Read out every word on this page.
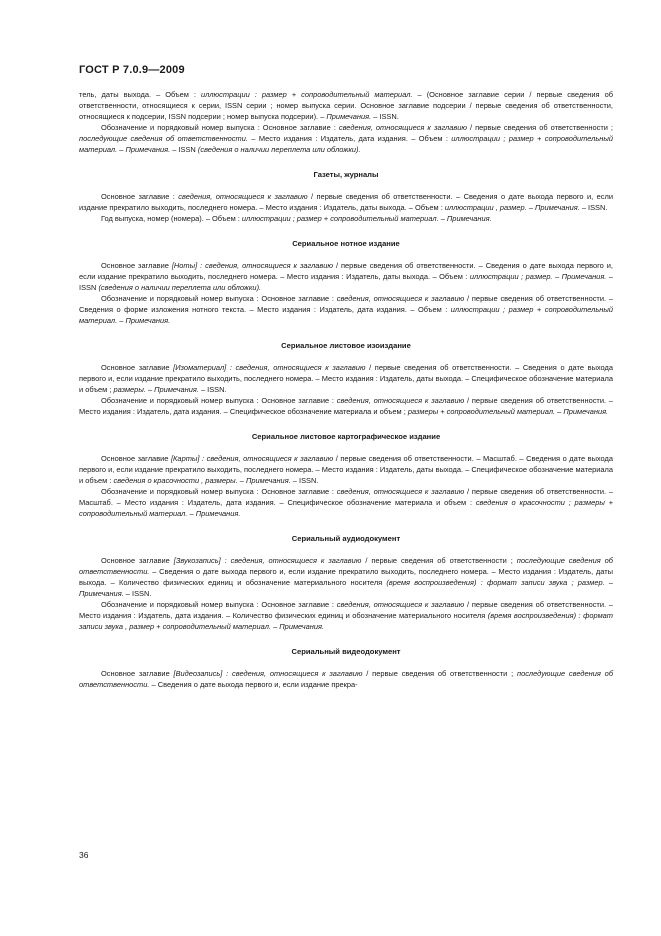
ГОСТ Р 7.0.9—2009

тель, даты выхода. – Объем : иллюстрации : размер + сопроводительный материал. – (Основное заглавие серии / первые сведения об ответственности, относящиеся к серии, ISSN серии ; номер выпуска серии. Основное заглавие подсерии / первые сведения об ответственности, относящиеся к подсерии, ISSN подсерии ; номер выпуска подсерии). – Примечания. – ISSN.

Обозначение и порядковый номер выпуска : Основное заглавие : сведения, относящиеся к заглавию / первые сведения об ответственности ; последующие сведения об ответственности. – Место издания : Издатель, дата издания. – Объем : иллюстрации ; размер + сопроводительный материал. – Примечания. – ISSN (сведения о наличии переплета или обложки).

Газеты, журналы

Основное заглавие : сведения, относящиеся к заглавию / первые сведения об ответственности. – Сведения о дате выхода первого и, если издание прекратило выходить, последнего номера. – Место издания : Издатель, даты выхода. – Объем : иллюстрации , размер. – Примечания. – ISSN.

Год выпуска, номер (номера). – Объем : иллюстрации ; размер + сопроводительный материал. – Примечания.

Сериальное нотное издание

Основное заглавие [Ноты] : сведения, относящиеся к заглавию / первые сведения об ответственности. – Сведения о дате выхода первого и, если издание прекратило выходить, последнего номера. – Место издания : Издатель, даты выхода. – Объем : иллюстрации ; размер. – Примечания. – ISSN (сведения о наличии переплета или обложки).

Обозначение и порядковый номер выпуска : Основное заглавие : сведения, относящиеся к заглавию / первые сведения об ответственности. – Сведения о форме изложения нотного текста. – Место издания : Издатель, дата издания. – Объем : иллюстрации ; размер + сопроводительный материал. – Примечания.

Сериальное листовое изоиздание

Основное заглавие [Изоматериал] : сведения, относящиеся к заглавию / первые сведения об ответственности. – Сведения о дате выхода первого и, если издание прекратило выходить, последнего номера. – Место издания : Издатель, даты выхода. – Специфическое обозначение материала и объем ; размеры. – Примечания. – ISSN.

Обозначение и порядковый номер выпуска : Основное заглавие : сведения, относящиеся к заглавию / первые сведения об ответственности. – Место издания : Издатель, дата издания. – Специфическое обозначение материала и объем ; размеры + сопроводительный материал. – Примечания.

Сериальное листовое картографическое издание

Основное заглавие [Карты] : сведения, относящиеся к заглавию / первые сведения об ответственности. – Масштаб. – Сведения о дате выхода первого и, если издание прекратило выходить, последнего номера. – Место издания : Издатель, даты выхода. – Специфическое обозначение материала и объем : сведения о красочности , размеры. – Примечания. – ISSN.

Обозначение и порядковый номер выпуска : Основное заглавие : сведения, относящиеся к заглавию / первые сведения об ответственности. – Масштаб. – Место издания : Издатель, дата издания. – Специфическое обозначение материала и объем : сведения о красочности ; размеры + сопроводительный материал. – Примечания.

Сериальный аудиодокумент

Основное заглавие [Звукозапись] : сведения, относящиеся к заглавию / первые сведения об ответственности ; последующие сведения об ответственности. – Сведения о дате выхода первого и, если издание прекратило выходить, последнего номера. – Место издания : Издатель, даты выхода. – Количество физических единиц и обозначение материального носителя (время воспроизведения) : формат записи звука ; размер. – Примечания. – ISSN.

Обозначение и порядковый номер выпуска : Основное заглавие : сведения, относящиеся к заглавию / первые сведения об ответственности. – Место издания : Издатель, дата издания. – Количество физических единиц и обозначение материального носителя (время воспроизведения) : формат записи звука , размер + сопроводительный материал. – Примечания.

Сериальный видеодокумент

Основное заглавие [Видеозапись] : сведения, относящиеся к заглавию / первые сведения об ответственности ; последующие сведения об ответственности. – Сведения о дате выхода первого и, если издание прекра-

36
